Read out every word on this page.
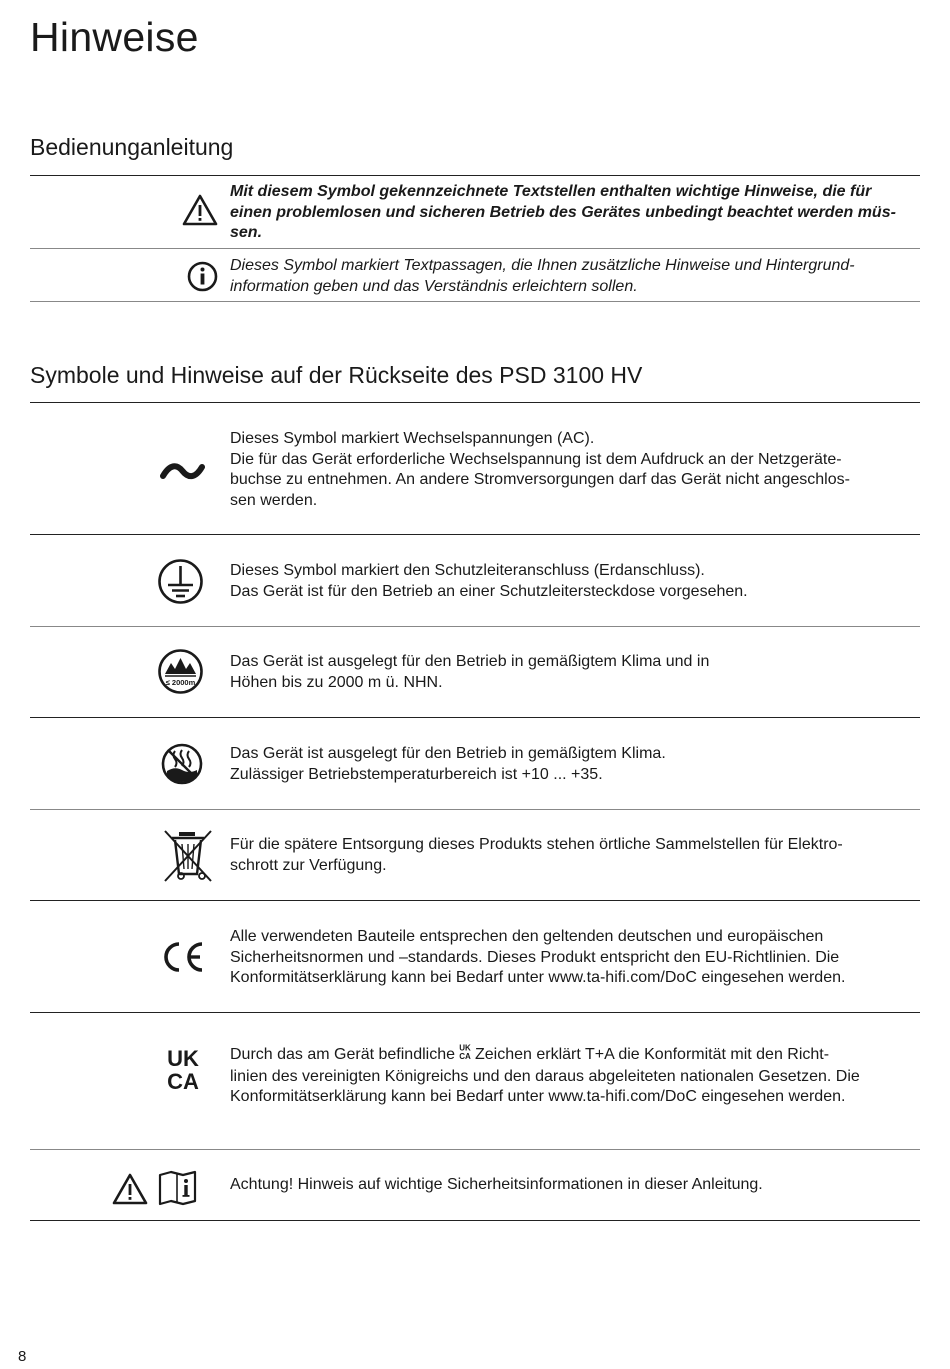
Hinweise
Bedienunganleitung
Mit diesem Symbol gekennzeichnete Textstellen enthalten wichtige Hinweise, die für
einen problemlosen und sicheren Betrieb des Gerätes unbedingt beachtet werden müs-
sen.
Dieses Symbol markiert Textpassagen, die Ihnen zusätzliche Hinweise und Hintergrund-
information geben und das Verständnis erleichtern sollen.
Symbole und Hinweise auf der Rückseite des PSD 3100 HV
Dieses Symbol markiert Wechselspannungen (AC).
Die für das Gerät erforderliche Wechselspannung ist dem Aufdruck an der Netzgeräte-
buchse zu entnehmen. An andere Stromversorgungen darf das Gerät nicht angeschlos-
sen werden.
Dieses Symbol markiert den Schutzleiteranschluss (Erdanschluss).
Das Gerät ist für den Betrieb an einer Schutzleitersteckdose vorgesehen.
≤ 2000m
Das Gerät ist ausgelegt für den Betrieb in gemäßigtem Klima und in
Höhen bis zu 2000 m ü. NHN.
Das Gerät ist ausgelegt für den Betrieb in gemäßigtem Klima.
Zulässiger Betriebstemperaturbereich ist +10 ... +35.
Für die spätere Entsorgung dieses Produkts stehen örtliche Sammelstellen für Elektro-
schrott zur Verfügung.
Alle verwendeten Bauteile entsprechen den geltenden deutschen und europäischen
Sicherheitsnormen und –standards. Dieses Produkt entspricht den EU-Richtlinien. Die
Konformitätserklärung kann bei Bedarf unter www.ta-hifi.com/DoC eingesehen werden.
UK
CA
Durch das am Gerät befindliche UK
CA Zeichen erklärt T+A die Konformität mit den Richt-
linien des vereinigten Königreichs und den daraus abgeleiteten nationalen Gesetzen. Die
Konformitätserklärung kann bei Bedarf unter www.ta-hifi.com/DoC eingesehen werden.
Achtung! Hinweis auf wichtige Sicherheitsinformationen in dieser Anleitung.
8
